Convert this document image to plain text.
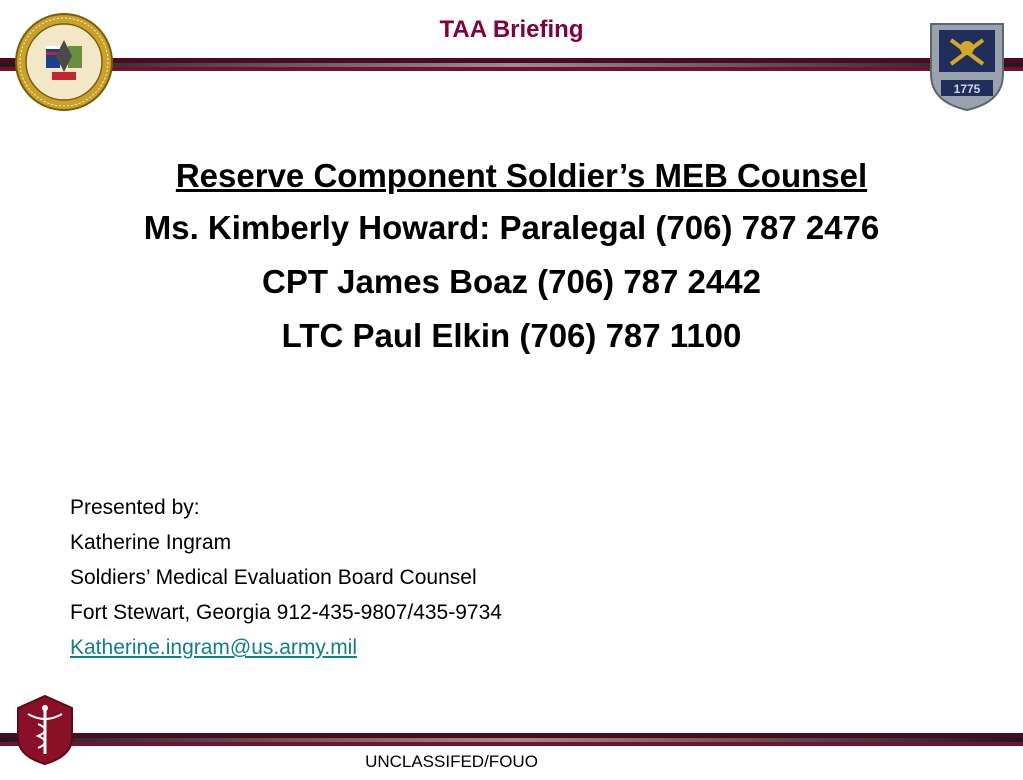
TAA Briefing
1775
Reserve Component Soldier’s MEB Counsel
Ms. Kimberly Howard: Paralegal (706) 787 2476
CPT James Boaz (706) 787 2442
LTC Paul Elkin (706) 787 1100
Presented by:
Katherine Ingram
Soldiers’ Medical Evaluation Board Counsel
Fort Stewart, Georgia 912-435-9807/435-9734
Katherine.ingram@us.army.mil
UNCLASSIFED/FOUO
